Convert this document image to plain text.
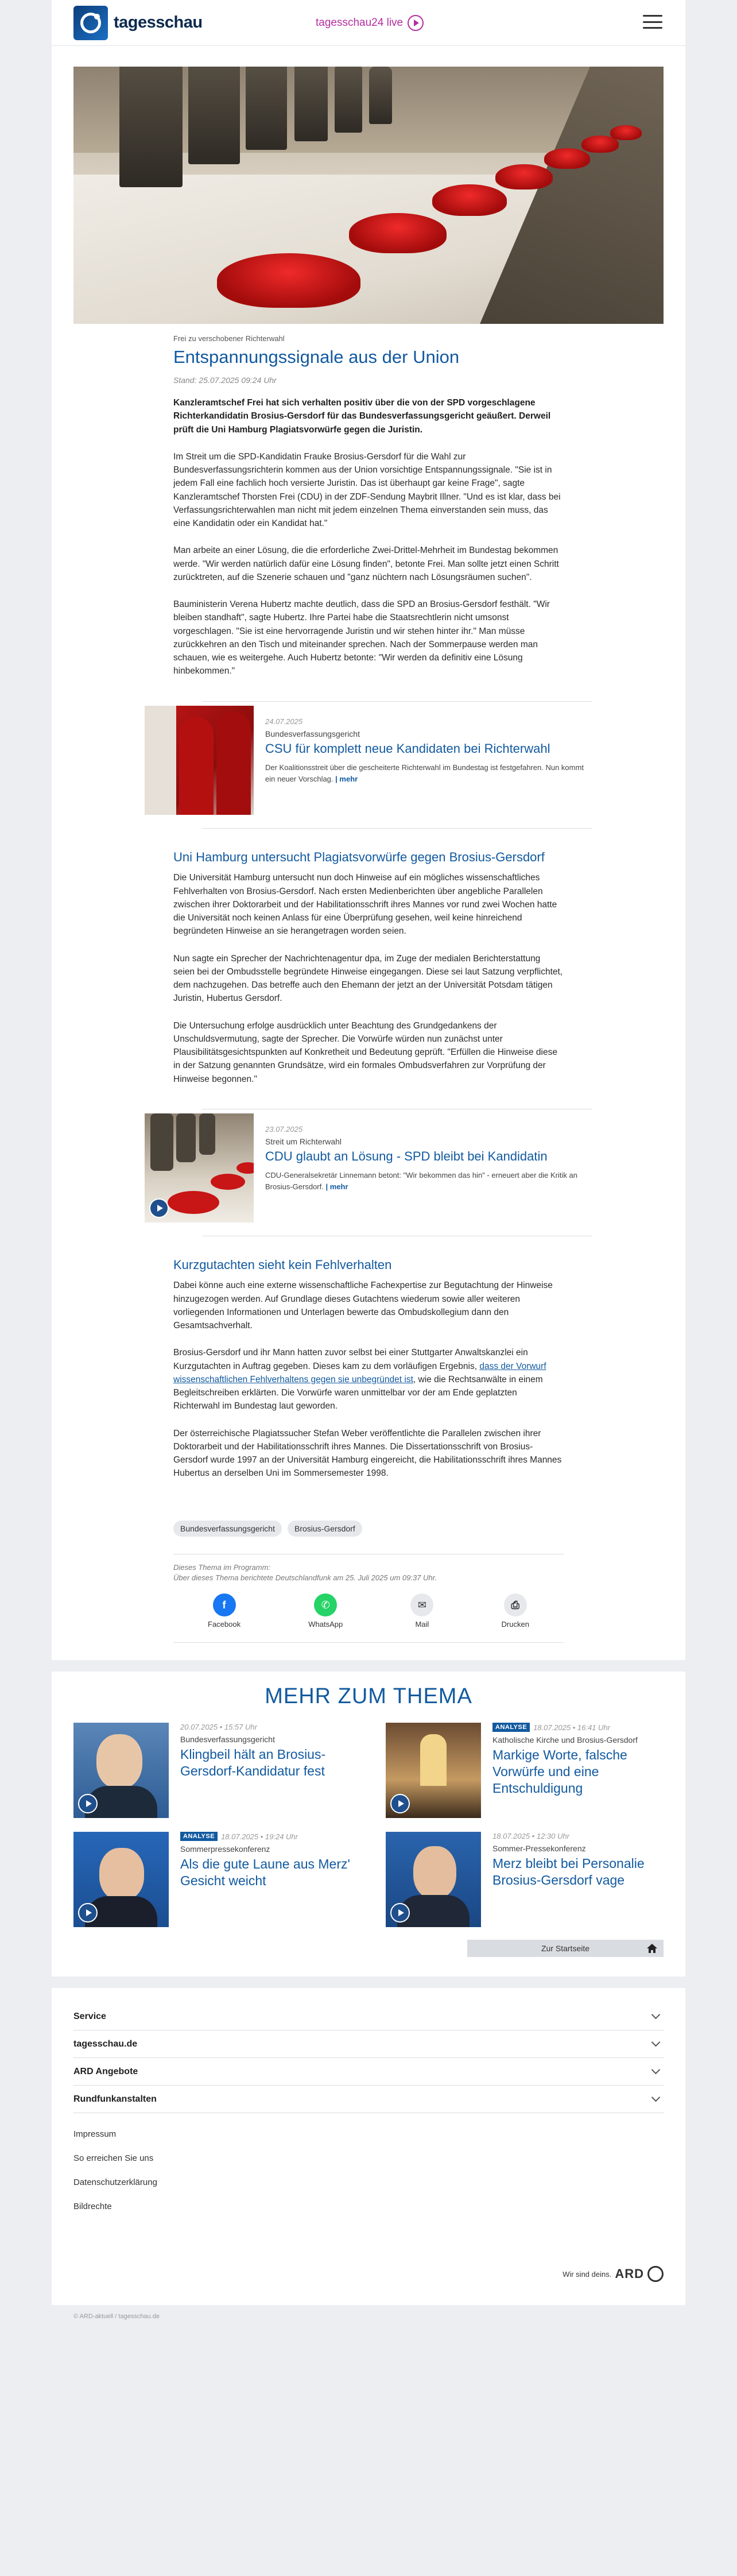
tagesschau	tagesschau24 live
Frei zu verschobener Richterwahl
Entspannungssignale aus der Union
Stand: 25.07.2025 09:24 Uhr

Kanzleramtschef Frei hat sich verhalten positiv über die von der SPD vorgeschlagene Richterkandidatin Brosius-Gersdorf für das Bundesverfassungsgericht geäußert. Derweil prüft die Uni Hamburg Plagiatsvorwürfe gegen die Juristin.

Im Streit um die SPD-Kandidatin Frauke Brosius-Gersdorf für die Wahl zur Bundesverfassungsrichterin kommen aus der Union vorsichtige Entspannungssignale. "Sie ist in jedem Fall eine fachlich hoch versierte Juristin. Das ist überhaupt gar keine Frage", sagte Kanzleramtschef Thorsten Frei (CDU) in der ZDF-Sendung Maybrit Illner. "Und es ist klar, dass bei Verfassungsrichterwahlen man nicht mit jedem einzelnen Thema einverstanden sein muss, das eine Kandidatin oder ein Kandidat hat."

Man arbeite an einer Lösung, die die erforderliche Zwei-Drittel-Mehrheit im Bundestag bekommen werde. "Wir werden natürlich dafür eine Lösung finden", betonte Frei. Man sollte jetzt einen Schritt zurücktreten, auf die Szenerie schauen und "ganz nüchtern nach Lösungsräumen suchen".

Bauministerin Verena Hubertz machte deutlich, dass die SPD an Brosius-Gersdorf festhält. "Wir bleiben standhaft", sagte Hubertz. Ihre Partei habe die Staatsrechtlerin nicht umsonst vorgeschlagen. "Sie ist eine hervorragende Juristin und wir stehen hinter ihr." Man müsse zurückkehren an den Tisch und miteinander sprechen. Nach der Sommerpause werden man schauen, wie es weitergehe. Auch Hubertz betonte: "Wir werden da definitiv eine Lösung hinbekommen."

24.07.2025
Bundesverfassungsgericht
CSU für komplett neue Kandidaten bei Richterwahl
Der Koalitionsstreit über die gescheiterte Richterwahl im Bundestag ist festgefahren. Nun kommt ein neuer Vorschlag. | mehr
Uni Hamburg untersucht Plagiatsvorwürfe gegen Brosius-Gersdorf

Die Universität Hamburg untersucht nun doch Hinweise auf ein mögliches wissenschaftliches Fehlverhalten von Brosius-Gersdorf. Nach ersten Medienberichten über angebliche Parallelen zwischen ihrer Doktorarbeit und der Habilitationsschrift ihres Mannes vor rund zwei Wochen hatte die Universität noch keinen Anlass für eine Überprüfung gesehen, weil keine hinreichend begründeten Hinweise an sie herangetragen worden seien.

Nun sagte ein Sprecher der Nachrichtenagentur dpa, im Zuge der medialen Berichterstattung seien bei der Ombudsstelle begründete Hinweise eingegangen. Diese sei laut Satzung verpflichtet, dem nachzugehen. Das betreffe auch den Ehemann der jetzt an der Universität Potsdam tätigen Juristin, Hubertus Gersdorf.

Die Untersuchung erfolge ausdrücklich unter Beachtung des Grundgedankens der Unschuldsvermutung, sagte der Sprecher. Die Vorwürfe würden nun zunächst unter Plausibilitätsgesichtspunkten auf Konkretheit und Bedeutung geprüft. "Erfüllen die Hinweise diese in der Satzung genannten Grundsätze, wird ein formales Ombudsverfahren zur Vorprüfung der Hinweise begonnen."

23.07.2025
Streit um Richterwahl
CDU glaubt an Lösung - SPD bleibt bei Kandidatin
CDU-Generalsekretär Linnemann betont: "Wir bekommen das hin" - erneuert aber die Kritik an Brosius-Gersdorf. | mehr
Kurzgutachten sieht kein Fehlverhalten

Dabei könne auch eine externe wissenschaftliche Fachexpertise zur Begutachtung der Hinweise hinzugezogen werden. Auf Grundlage dieses Gutachtens wiederum sowie aller weiteren vorliegenden Informationen und Unterlagen bewerte das Ombudskollegium dann den Gesamtsachverhalt.

Brosius-Gersdorf und ihr Mann hatten zuvor selbst bei einer Stuttgarter Anwaltskanzlei ein Kurzgutachten in Auftrag gegeben. Dieses kam zu dem vorläufigen Ergebnis, dass der Vorwurf wissenschaftlichen Fehlverhaltens gegen sie unbegründet ist, wie die Rechtsanwälte in einem Begleitschreiben erklärten. Die Vorwürfe waren unmittelbar vor der am Ende geplatzten Richterwahl im Bundestag laut geworden.

Der österreichische Plagiatssucher Stefan Weber veröffentlichte die Parallelen zwischen ihrer Doktorarbeit und der Habilitationsschrift ihres Mannes. Die Dissertationsschrift von Brosius-Gersdorf wurde 1997 an der Universität Hamburg eingereicht, die Habilitationsschrift ihres Mannes Hubertus an derselben Uni im Sommersemester 1998.

Bundesverfassungsgericht	Brosius-Gersdorf
Dieses Thema im Programm:
Über dieses Thema berichtete Deutschlandfunk am 25. Juli 2025 um 09:37 Uhr.
f
Facebook
✆
WhatsApp
✉
Mail
⎙
Drucken
MEHR ZUM THEMA
20.07.2025 • 15:57 Uhr
Bundesverfassungsgericht
Klingbeil hält an Brosius-Gersdorf-Kandidatur fest
ANALYSE 18.07.2025 • 16:41 Uhr
Katholische Kirche und Brosius-Gersdorf
Markige Worte, falsche Vorwürfe und eine Entschuldigung
ANALYSE 18.07.2025 • 19:24 Uhr
Sommerpressekonferenz
Als die gute Laune aus Merz' Gesicht weicht
18.07.2025 • 12:30 Uhr
Sommer-Pressekonferenz
Merz bleibt bei Personalie Brosius-Gersdorf vage
Zur Startseite
Service
tagesschau.de
ARD Angebote
Rundfunkanstalten
Impressum
So erreichen Sie uns
Datenschutzerklärung
Bildrechte
Wir sind deins. ARD
© ARD-aktuell / tagesschau.de
